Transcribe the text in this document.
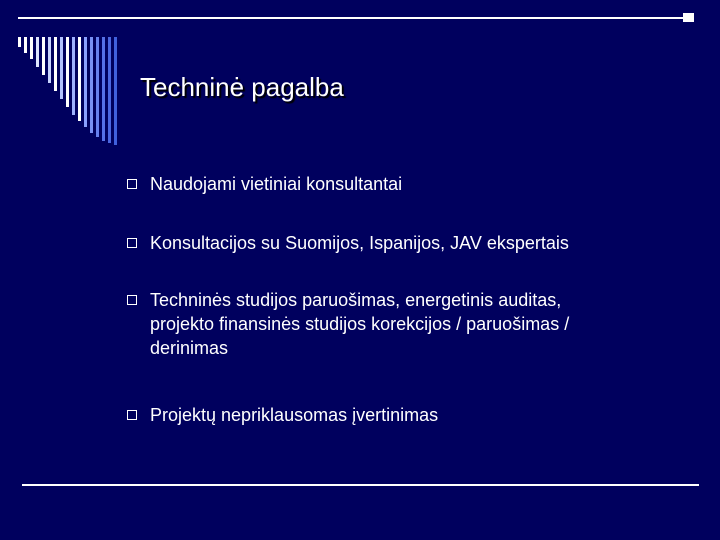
Techninė pagalba
Naudojami vietiniai konsultantai
Konsultacijos su Suomijos, Ispanijos, JAV ekspertais
Techninės studijos paruošimas, energetinis auditas, projekto finansinės studijos korekcijos / paruošimas / derinimas
Projektų nepriklausomas įvertinimas
